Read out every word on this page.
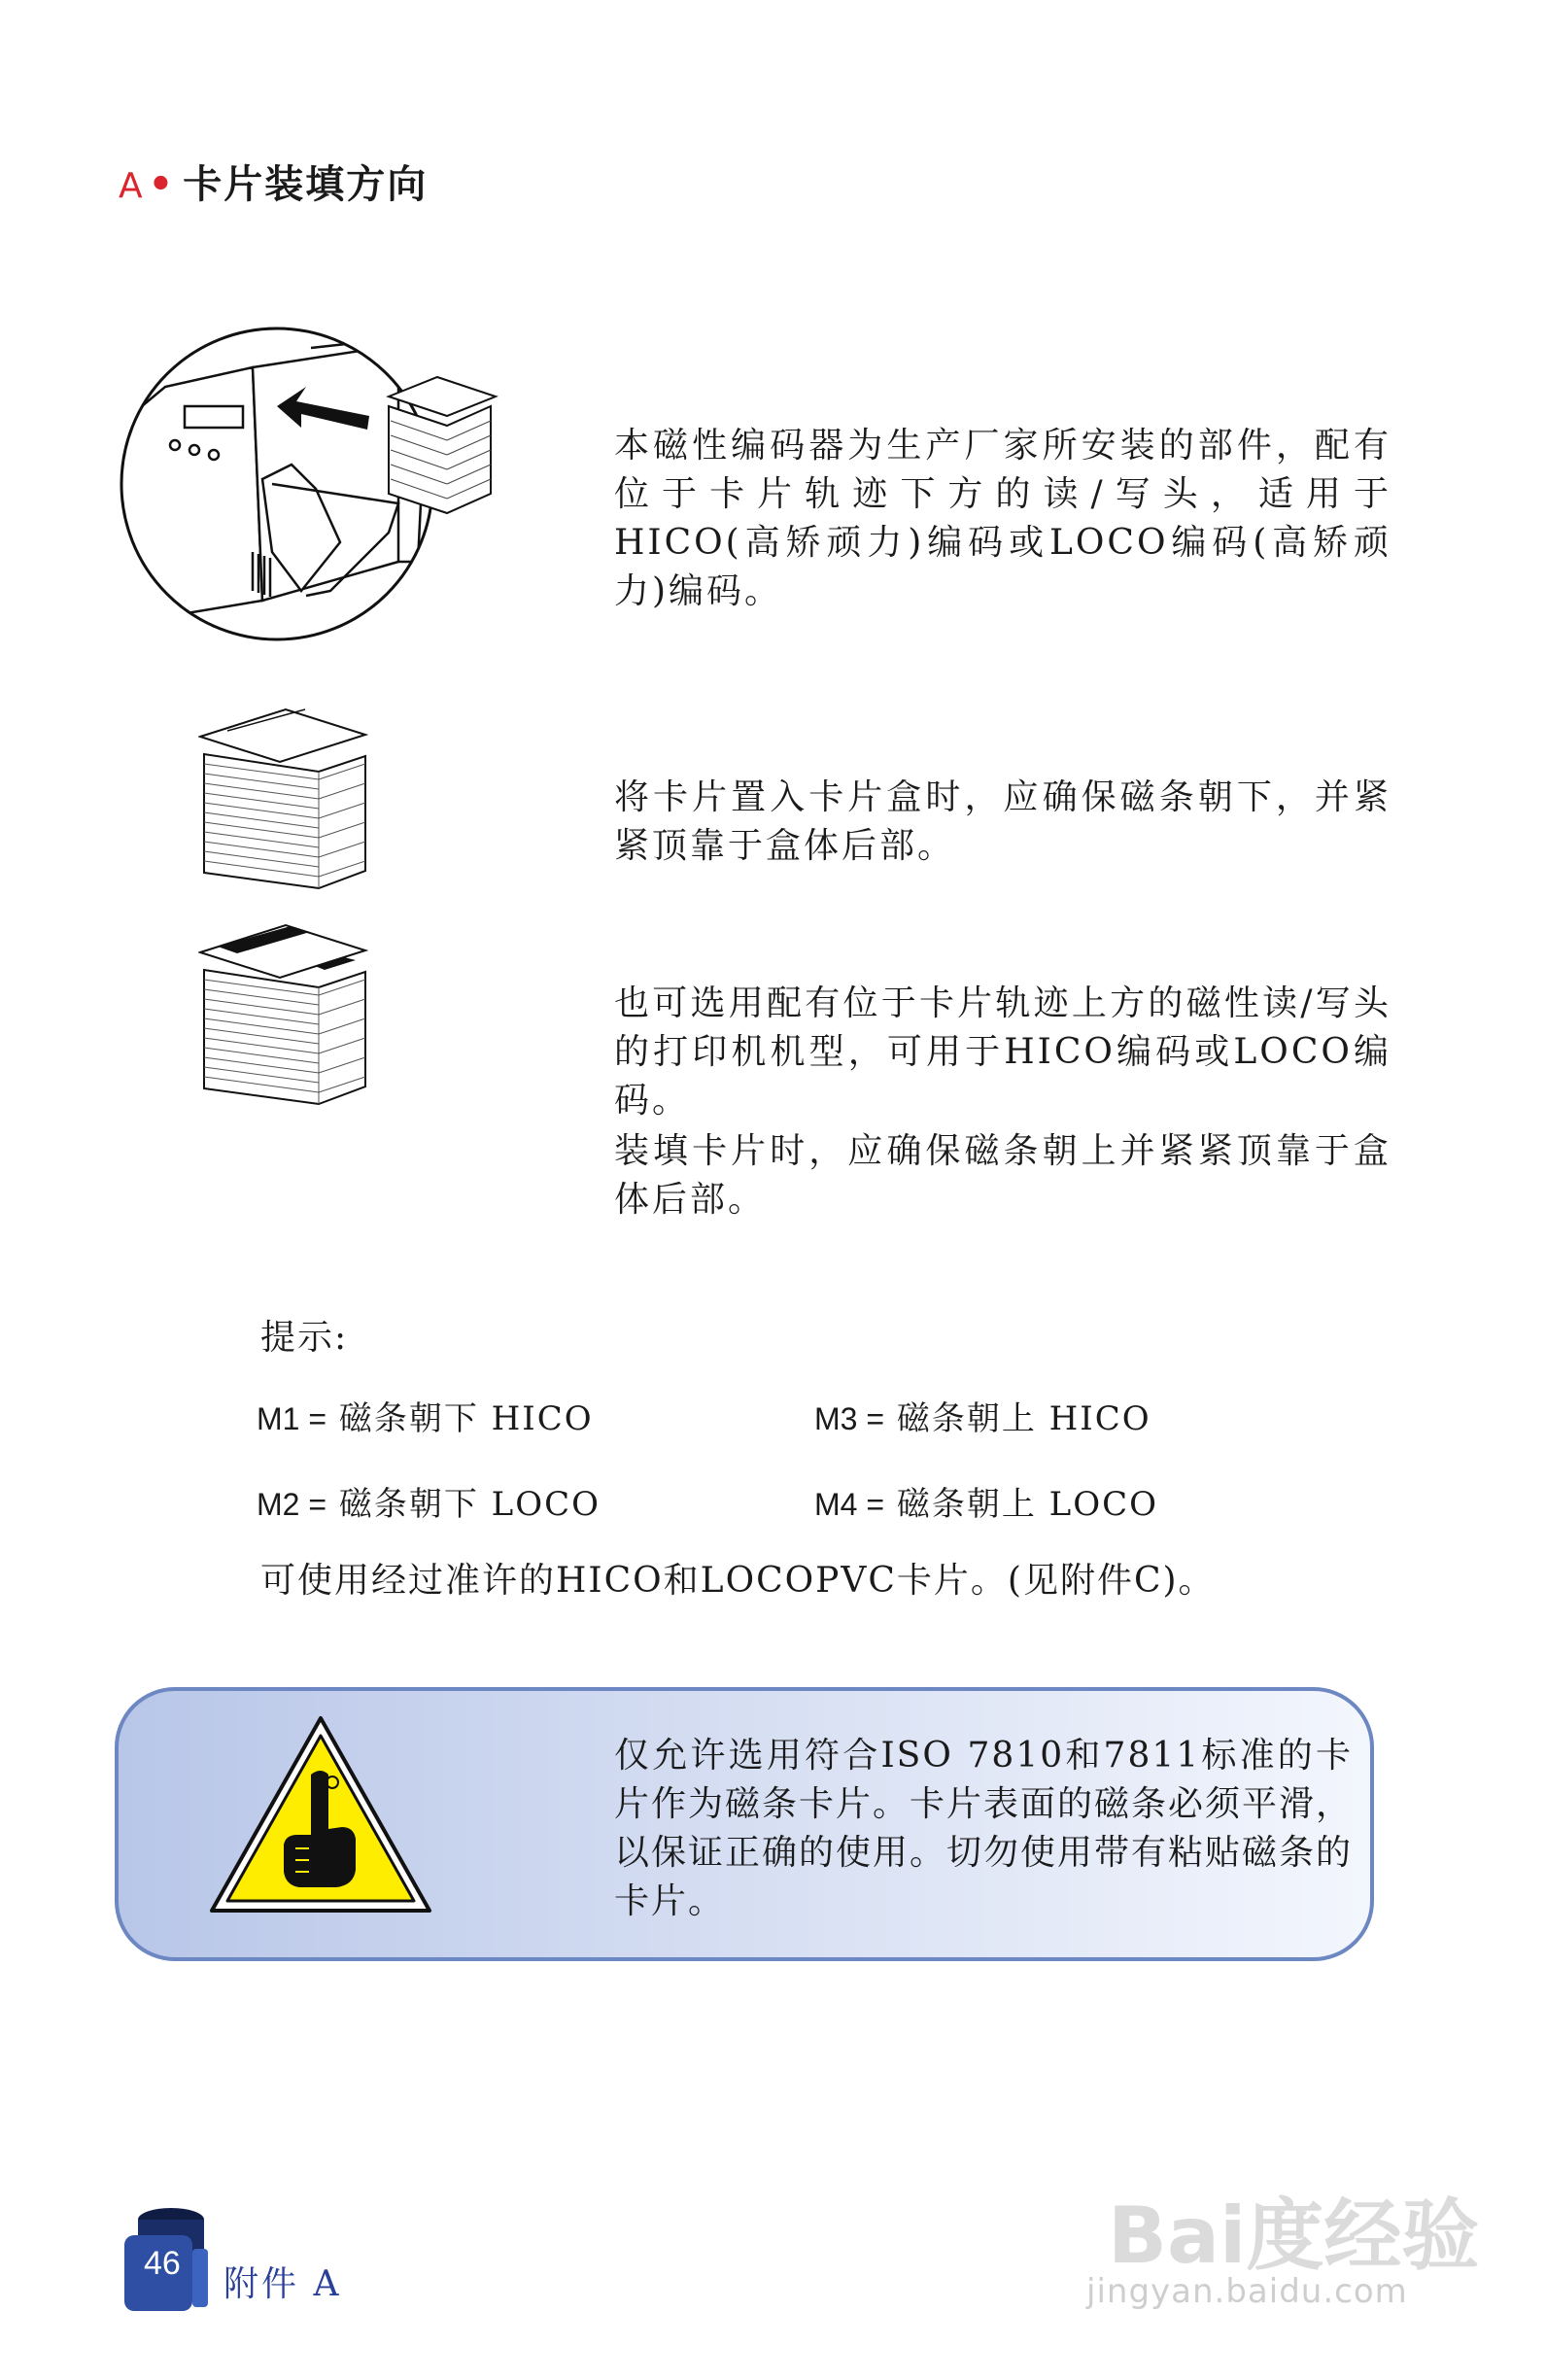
A • 卡片装填方向
本磁性编码器为生产厂家所安装的部件，配有位于卡片轨迹下方的读/写头，适用于HICO(高矫顽力)编码或LOCO编码(高矫顽力)编码。
将卡片置入卡片盒时，应确保磁条朝下，并紧紧顶靠于盒体后部。
也可选用配有位于卡片轨迹上方的磁性读/写头的打印机机型，可用于HICO编码或LOCO编码。
装填卡片时，应确保磁条朝上并紧紧顶靠于盒体后部。
提示:
M1 = 磁条朝下 HICO	M3 = 磁条朝上 HICO
M2 = 磁条朝下 LOCO	M4 = 磁条朝上 LOCO
可使用经过准许的HICO和LOCOPVC卡片。(见附件C)。
仅允许选用符合ISO 7810和7811标准的卡片作为磁条卡片。卡片表面的磁条必须平滑，以保证正确的使用。切勿使用带有粘贴磁条的卡片。
46
附件 A
Bai度经验
jingyan.baidu.com
